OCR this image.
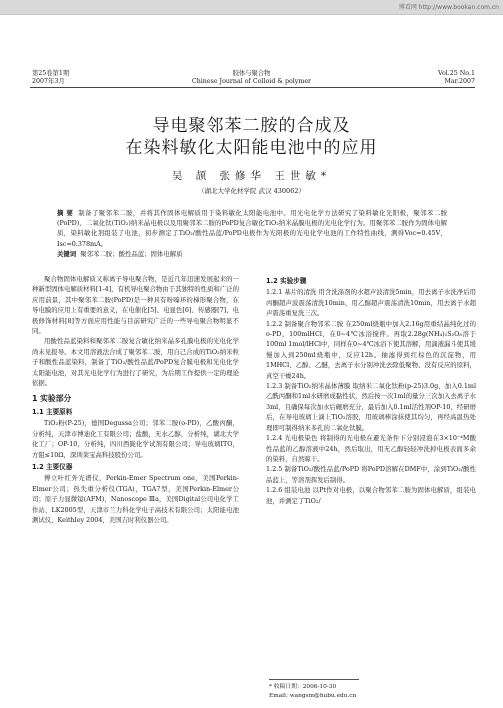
博看网 http://www.bookan.com.cn
第25卷第1期
2007年3月
胶体与聚合物
Chinese Journal of Colloid & polymer
Vol.25 No.1
Mar.2007
导电聚邻苯二胺的合成及
在染料敏化太阳能电池中的应用
吴 颉 张修华 王世敏*
（湖北大学化材学院 武汉 430062）
摘 要 制备了聚邻苯二胺，并将其作固体电解质用于染料敏化太阳能电池中。用光电化学方法研究了染料敏化光阳极，聚邻苯二胺(PoPD)、二氧化钛(TiO₂)纳米晶电极以及用聚邻苯二胺的PoPD复合敏化TiO₂纳米晶膜电极的光电化学行为。用聚邻苯二胺作为固体电解质，染料敏化剂组装了电池，初步测定了TiO₂/酸性品蓝/PoPD电极作为光阳极的光电化学电池的工作特性曲线，测得Voc=0.45V，Isc=0.378mA。
关键词 聚邻苯二胺；酸性品蓝；固体电解质

聚合物固体电解质又称离子导电聚合物，是近几年迅速发展起来的一种新型固体电解质材料[1-4]，有机导电聚合物由于其独特的性质和广泛的应用前景，其中聚邻苯二胺(PoPD)是一种具有吩嗪环的梯形聚合物，在导电膜的应用上有重要的意义，在电催化[5]、电显色[6]、传感器[7]、电极修饰材料[8]等方面应用性能与目前研究广泛的一些导电聚合物明显不同。

用酸性品蓝染料和聚邻苯二胺复合敏化纳米晶多孔膜电极的光电化学尚未见报导。本文用溶液法合成了聚邻苯二胺，用自己合成的TiO₂纳米粒子和酸性品蓝染料，制备了TiO₂/酸性品蓝/PoPD复合膜电极和光电化学太阳能电池，对其光电化学行为进行了研究，为后期工作提供一定的理论依据。

1 实验部分
1.1 主要原料

TiO₂粉(P-25)，德国Degussa公司；邻苯二胺(o-PD)，乙酸丙酮，分析纯，天津市博迪化工有限公司；盐酸，无水乙醇，分析纯，湖北大学化工厂；OP-10，分析纯，四川西陇化学试剂有限公司；导电玻璃ITO，方阻≤10Ω，深圳莱宝高科技股份公司。

1.2 主要仪器

傅立叶红外光谱仪，Perkin-Emer Spectrum one，美国Perkin-Elmer公司；热失重分析仪(TGA)，TGA7型，美国Perkin-Elmer公司；原子力显微镜(AFM)，Nanoscope Ⅲa，美国Digital公司电化学工作站，LK2005型，天津市兰力科化学电子高技术有限公司；太阳能电池测试仪，Keithley 2004，美国吉时利仪器公司。

1.2 实验步骤

1.2.1 基片的清洗 用含洗涤剂的水超声波清洗5min，用去离子水洗净后用丙酮超声波震荡清洗10min，用乙醇超声震荡清洗10min，用去离子水超声震荡重复洗三次。

1.2.2 制备聚合物邻苯二胺 在250ml烧瓶中加入2.16g用重结晶纯化过的o-PD，100mlHCl，在0~4℃冰浴搅拌。再取2.28g(NH₄)₂S₂O₈溶于100ml 1mol/lHCl中，同样在0~4℃冰浴下使其溶解，用滴液漏斗使其缓慢加入到250ml烧瓶中，反应12h。抽滤得到红棕色的沉淀物，用1MHCl、乙醇、乙醚，去离子水分别冲洗去除低聚物、没有反应的原料，真空干燥24h。

1.2.3 制备TiO₂纳米晶体薄膜 取纳米二氧化钛粉(p-25)3.0g，加入0.1ml乙酰丙酮和1ml水研磨成黏性状，然后按一次1ml的量分三次加入去离子水3ml，且确保每次加水后碾磨充分，最后加入0.1ml活性剂OP-10，经研磨后，在导电玻璃上滴上TiO₂溶胶，用玻璃棒涂抹使其均匀，再经高温热处理即可制得纳米多孔的二氧化钛膜。

1.2.4 光电极染色 将制得的光电极在避光条件下分别浸泡在3×10⁻⁴M酸性品蓝的乙醇溶液中24h，然后取出，用无乙醇轻轻冲洗掉电极表面多余的染料，自然晾干。

1.2.5 制备TiO₂/酸性品蓝/PoPD 将PoPD溶解在DMF中，涂到TiO₂/酸性品蓝上，等溶剂挥发后制得。

1.2.6 组装电池 以Pt作对电极，以聚合物邻苯二胺为固体电解质，组装电池，并测定了TiO₂/

* 收稿日期：2006-10-30
Email: wangsm@hubu.edu.cn
